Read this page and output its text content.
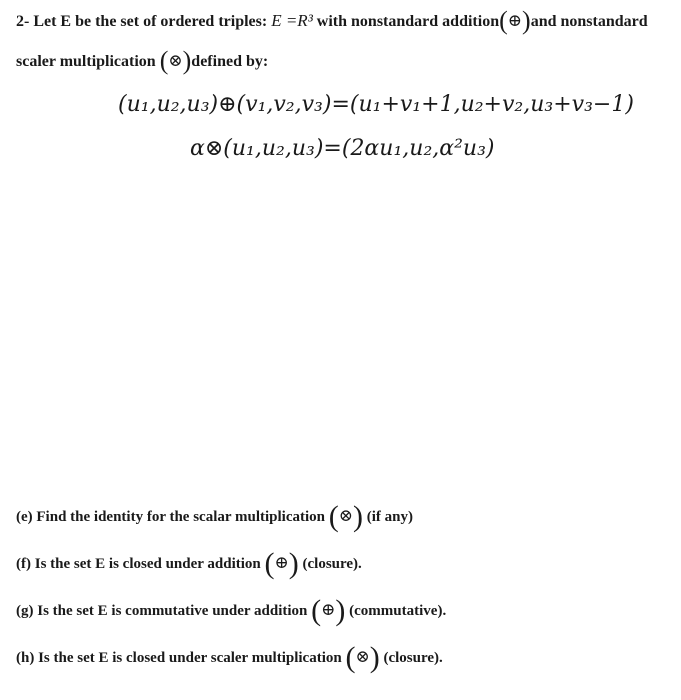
2- Let E be the set of ordered triples: E =R³ with nonstandard addition(⊕)and nonstandard
scaler multiplication (⊗)defined by:
(u₁,u₂,u₃)⊕(v₁,v₂,v₃)=(u₁+v₁+1,u₂+v₂,u₃+v₃−1)
α⊗(u₁,u₂,u₃)=(2αu₁,u₂,α²u₃)
(e) Find the identity for the scalar multiplication (⊗) (if any)
(f) Is the set E is closed under addition (⊕) (closure).
(g) Is the set E is commutative under addition (⊕) (commutative).
(h) Is the set E is closed under scaler multiplication (⊗) (closure).
